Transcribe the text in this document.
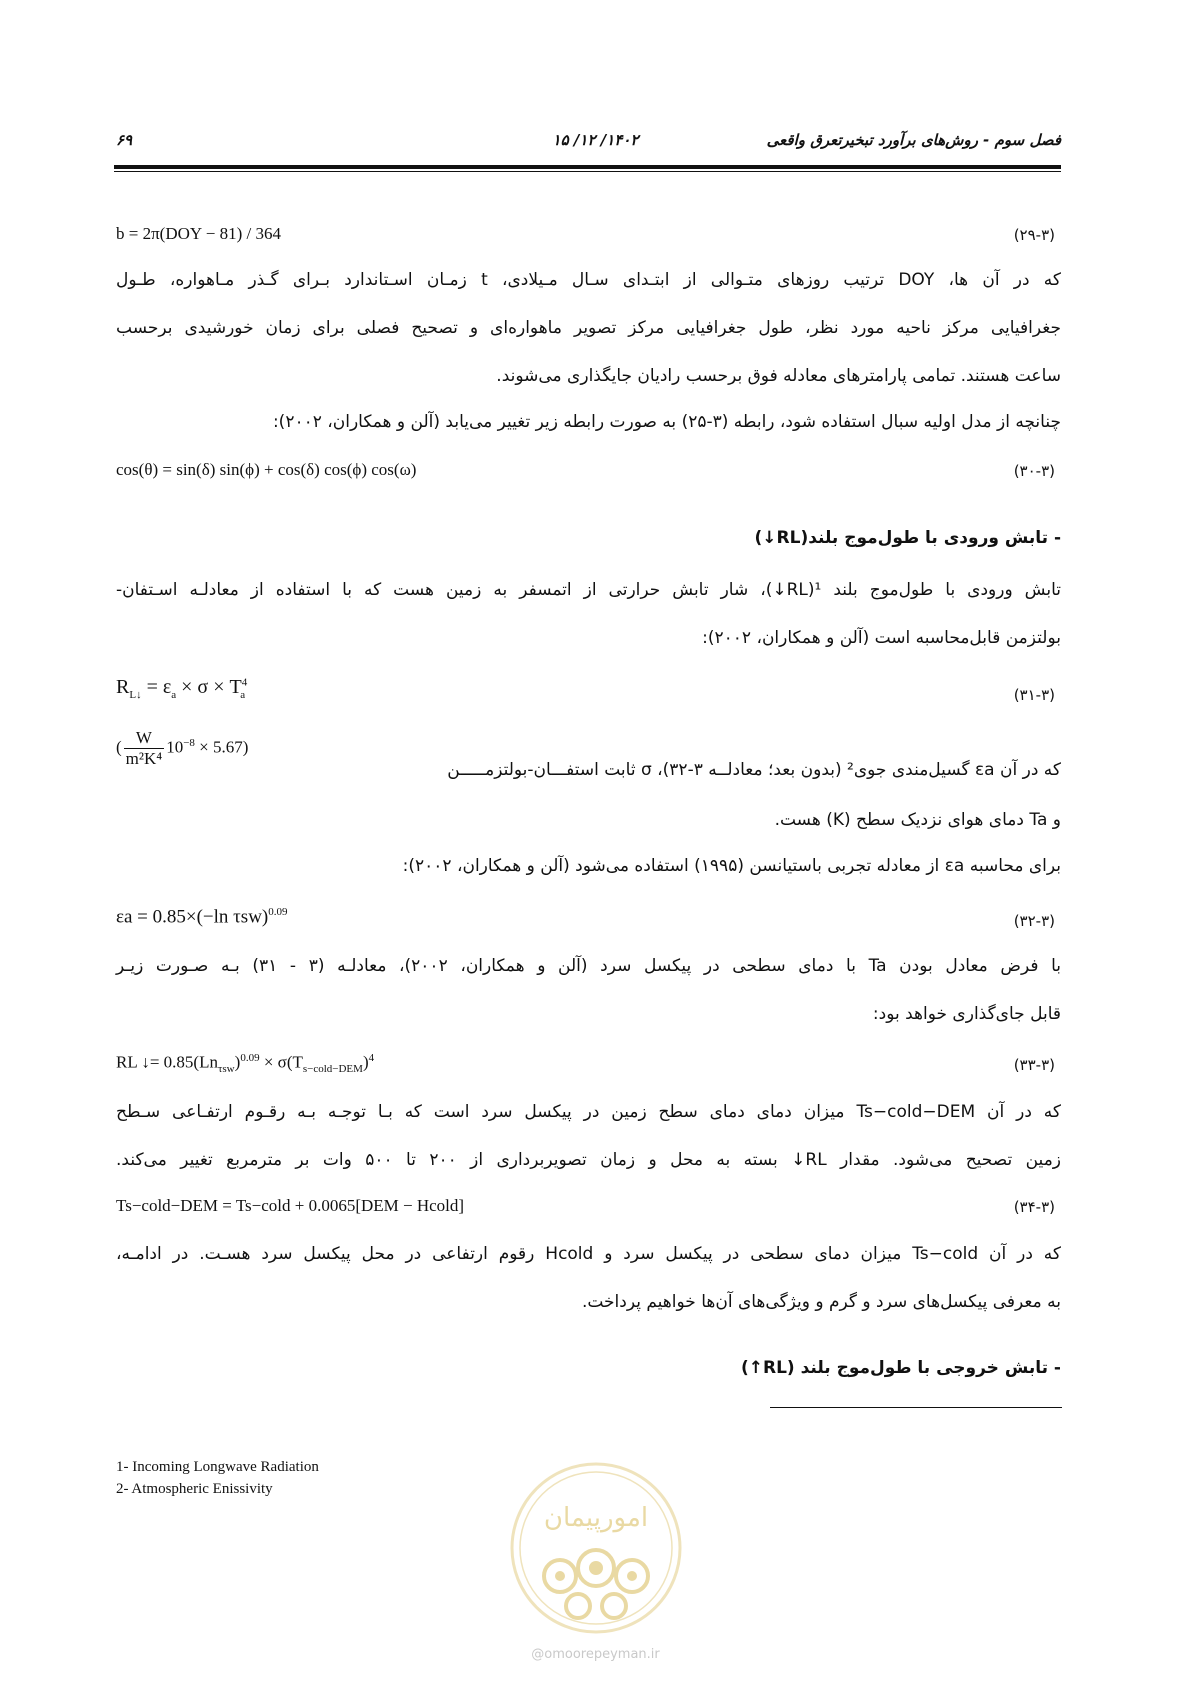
فصل سوم - روش‌های برآورد تبخیرتعرق واقعی
۱۴۰۲/ ۱۲/ ۱۵
۶۹
b = 2π(DOY − 81) / 364	(۲۹-۳)
که در آن ها، DOY ترتیب روزهای متـوالی از ابتـدای سـال مـیلادی، t زمـان اسـتاندارد بـرای گـذر مـاهواره، طـول
جغرافیایی مرکز ناحیه مورد نظر، طول جغرافیایی مرکز تصویر ماهواره‌ای و تصحیح فصلی برای زمان خورشیدی برحسب
ساعت هستند. تمامی پارامترهای معادله فوق برحسب رادیان جایگذاری می‌شوند.
چنانچه از مدل اولیه سبال استفاده شود، رابطه (۳-۲۵) به صورت رابطه زیر تغییر می‌یابد (آلن و همکاران، ۲۰۰۲):
cos(θ) = sin(δ) sin(ϕ) + cos(δ) cos(ϕ) cos(ω)	(۳۰-۳)
- تابش ورودی با طول‌موج بلند(RL↓)
تابش ورودی با طول‌موج بلند ¹(RL↓)، شار تابش حرارتی از اتمسفر به زمین هست که با استفاده از معادلـه اسـتفان-
بولتزمن قابل‌محاسبه است (آلن و همکاران، ۲۰۰۲):
$R_{L↓} = \varepsilon_a \times \sigma \times T^4_a$	(۳۱-۳)
( $\frac{W}{\text{m²K⁴}} 10^{-8} \times 5.67$)
که در آن εa گسیل‌مندی جوی² (بدون بعد؛ معادلــه ۳-۳۲)، σ ثابت استفـــان-بولتزمـــــن
و Ta دمای هوای نزدیک سطح (K) هست.
برای محاسبه εa از معادله تجربی باستیانسن (۱۹۹۵) استفاده می‌شود (آلن و همکاران، ۲۰۰۲):
εa = 0.85×(−ln τsw)$^{0.09}$	(۳۲-۳)
با فرض معادل بودن Ta با دمای سطحی در پیکسل سرد (آلن و همکاران، ۲۰۰۲)، معادلـه (۳ - ۳۱) بـه صـورت زیـر
قابل جای‌گذاری خواهد بود:
RL ↓= $0.85(Ln_{\tau sw})^{0.09} \times \sigma(T_{s-cold-DEM})^4$	(۳۳-۳)
که در آن Ts−cold−DEM میزان دمای دمای سطح زمین در پیکسل سرد است که بـا توجـه بـه رقـوم ارتفـاعی سـطح
زمین تصحیح می‌شود. مقدار RL↓ بسته به محل و زمان تصویربرداری از ۲۰۰ تا ۵۰۰ وات بر مترمربع تغییر می‌کند.
Ts−cold−DEM = Ts−cold + 0.0065[DEM − Hcold]	(۳۴-۳)
که در آن Ts−cold میزان دمای سطحی در پیکسل سرد و Hcold رقوم ارتفاعی در محل پیکسل سرد هسـت. در ادامـه،
به معرفی پیکسل‌های سرد و گرم و ویژگی‌های آن‌ها خواهیم پرداخت.
- تابش خروجی با طول‌موج بلند (RL↑)
1- Incoming Longwave Radiation
2- Atmospheric Enissivity
امورپیمان
@omoorepeyman.ir
